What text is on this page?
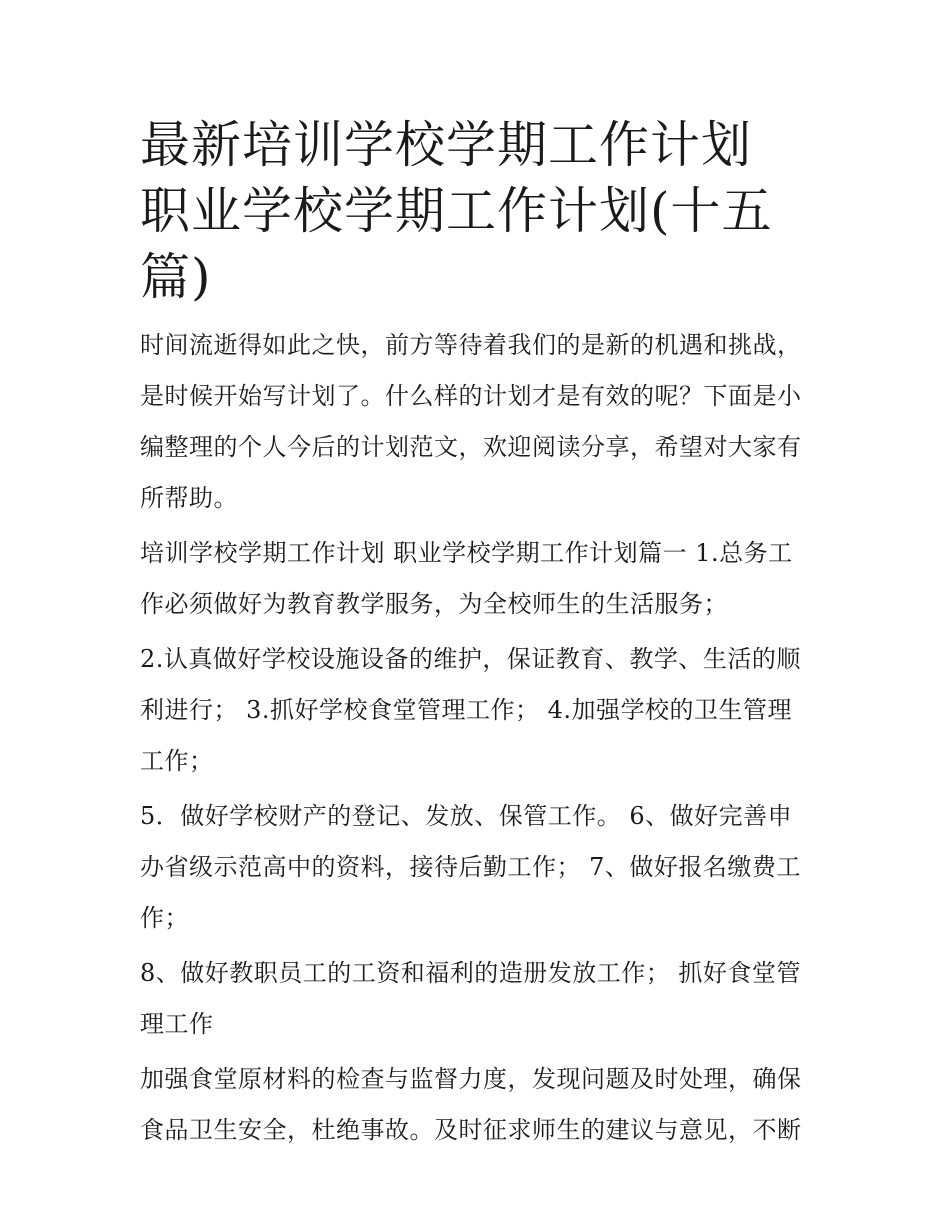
最新培训学校学期工作计划 职业学校学期工作计划(十五篇)

时间流逝得如此之快，前方等待着我们的是新的机遇和挑战，是时候开始写计划了。什么样的计划才是有效的呢？下面是小编整理的个人今后的计划范文，欢迎阅读分享，希望对大家有所帮助。

培训学校学期工作计划 职业学校学期工作计划篇一 1.总务工作必须做好为教育教学服务，为全校师生的生活服务；

2.认真做好学校设施设备的维护，保证教育、教学、生活的顺利进行； 3.抓好学校食堂管理工作； 4.加强学校的卫生管理工作；

5．做好学校财产的登记、发放、保管工作。 6、做好完善申办省级示范高中的资料，接待后勤工作； 7、做好报名缴费工作；

8、做好教职员工的工资和福利的造册发放工作； 抓好食堂管理工作

加强食堂原材料的检查与监督力度，发现问题及时处理，确保食品卫生安全，杜绝事故。及时征求师生的建议与意见，不断
